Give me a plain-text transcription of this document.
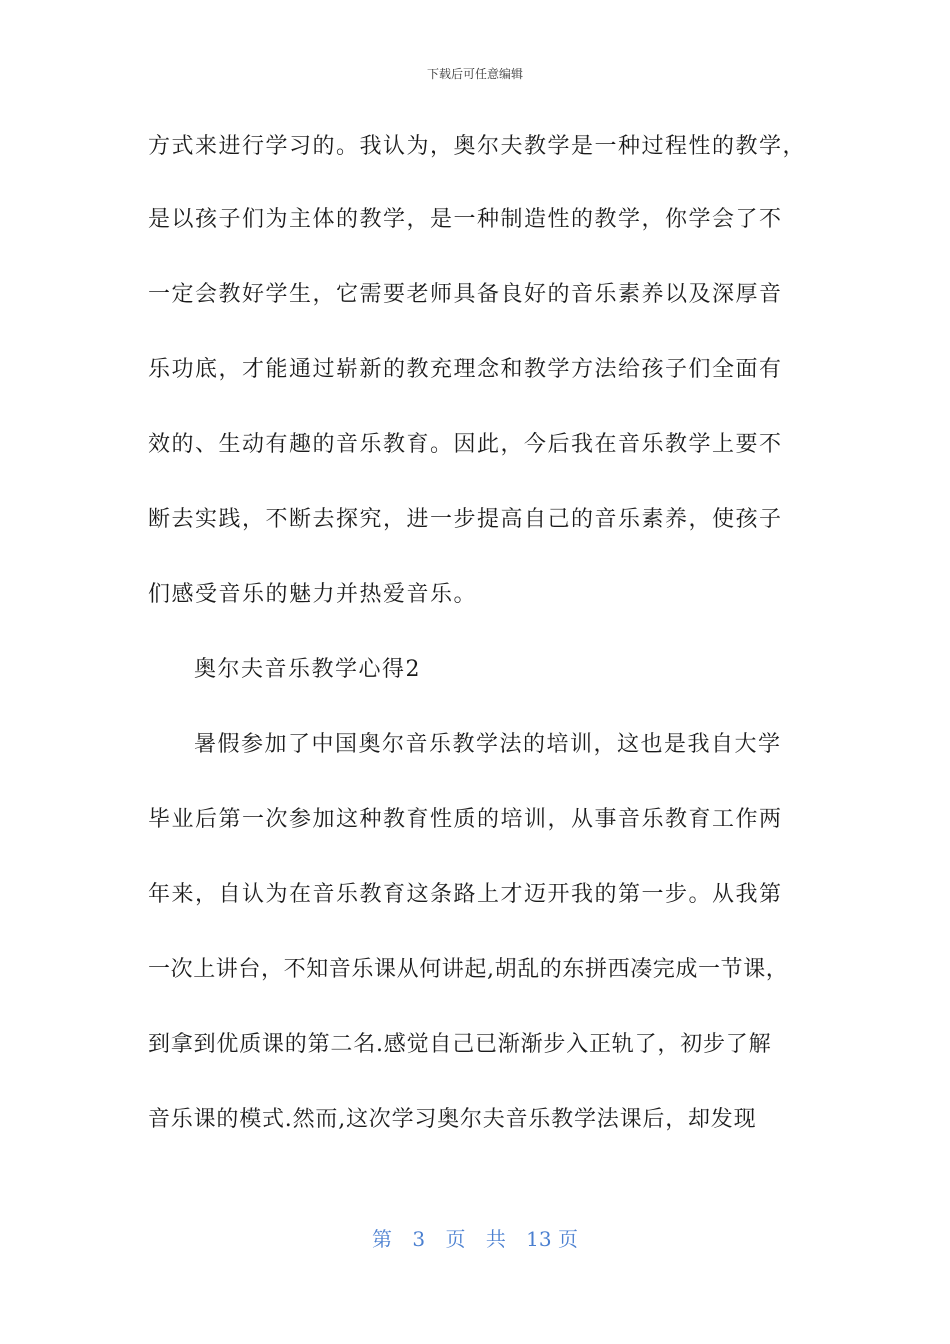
下载后可任意编辑
方式来进行学习的。我认为，奥尔夫教学是一种过程性的教学，
是以孩子们为主体的教学，是一种制造性的教学，你学会了不
一定会教好学生，它需要老师具备良好的音乐素养以及深厚音
乐功底，才能通过崭新的教充理念和教学方法给孩子们全面有
效的、生动有趣的音乐教育。因此，今后我在音乐教学上要不
断去实践，不断去探究，进一步提高自己的音乐素养，使孩子
们感受音乐的魅力并热爱音乐。
奥尔夫音乐教学心得2
暑假参加了中国奥尔音乐教学法的培训，这也是我自大学
毕业后第一次参加这种教育性质的培训，从事音乐教育工作两
年来，自认为在音乐教育这条路上才迈开我的第一步。从我第
一次上讲台，不知音乐课从何讲起,胡乱的东拼西凑完成一节课，
到拿到优质课的第二名.感觉自己已渐渐步入正轨了，初步了解
音乐课的模式.然而,这次学习奥尔夫音乐教学法课后，却发现
第 3 页 共 13 页
